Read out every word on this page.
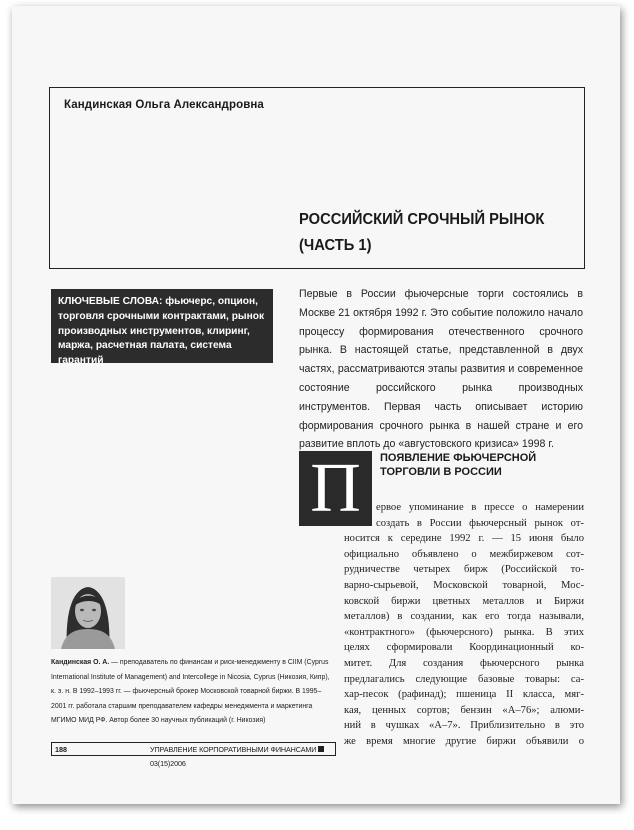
Кандинская Ольга Александровна
РОССИЙСКИЙ СРОЧНЫЙ РЫНОК
(ЧАСТЬ 1)
КЛЮЧЕВЫЕ СЛОВА: фьючерс, опцион, торговля срочными контрактами, рынок производных инструментов, клиринг, маржа, расчетная палата, система гарантий
Первые в России фьючерсные торги состоялись в Москве 21 октября 1992 г. Это событие положило начало процессу формирования отечественного срочного рынка. В настоящей статье, представленной в двух частях, рассматриваются этапы развития и современное состояние российского рынка производных инструментов. Первая часть описывает историю формирования срочного рынка в нашей стране и его развитие вплоть до «августовского кризиса» 1998 г.
П	ПОЯВЛЕНИЕ ФЬЮЧЕРСНОЙ ТОРГОВЛИ В РОССИИ
ервое упоминание в прессе о намерении
создать в России фьючерсный рынок от-
носится к середине 1992 г. — 15 июня было
официально объявлено о межбиржевом сот-
рудничестве четырех бирж (Российской то-
варно-сырьевой, Московской товарной, Мос-
ковской биржи цветных металлов и Биржи
металлов) в создании, как его тогда называли,
«контрактного» (фьючерсного) рынка. В этих
целях сформировали Координационный ко-
митет. Для создания фьючерсного рынка
предлагались следующие базовые товары: са-
хар-песок (рафинад); пшеница II класса, мяг-
кая, ценных сортов; бензин «А–76»; алюми-
ний в чушках «А–7». Приблизительно в это
же время многие другие биржи объявили о
Кандинская О. А. — преподаватель по финансам и риск-менеджменту в CIIM (Cyprus International Institute of Management) and Intercollege in Nicosia, Cyprus (Никозия, Кипр), к. э. н. В 1992–1993 гг. — фьючерсный брокер Московской товарной биржи. В 1995–2001 гг. работала старшим преподавателем кафедры менеджмента и маркетинга МГИМО МИД РФ. Автор более 30 научных публикаций (г. Никозия)
188	УПРАВЛЕНИЕ КОРПОРАТИВНЫМИ ФИНАНСАМИ03(15)2006
